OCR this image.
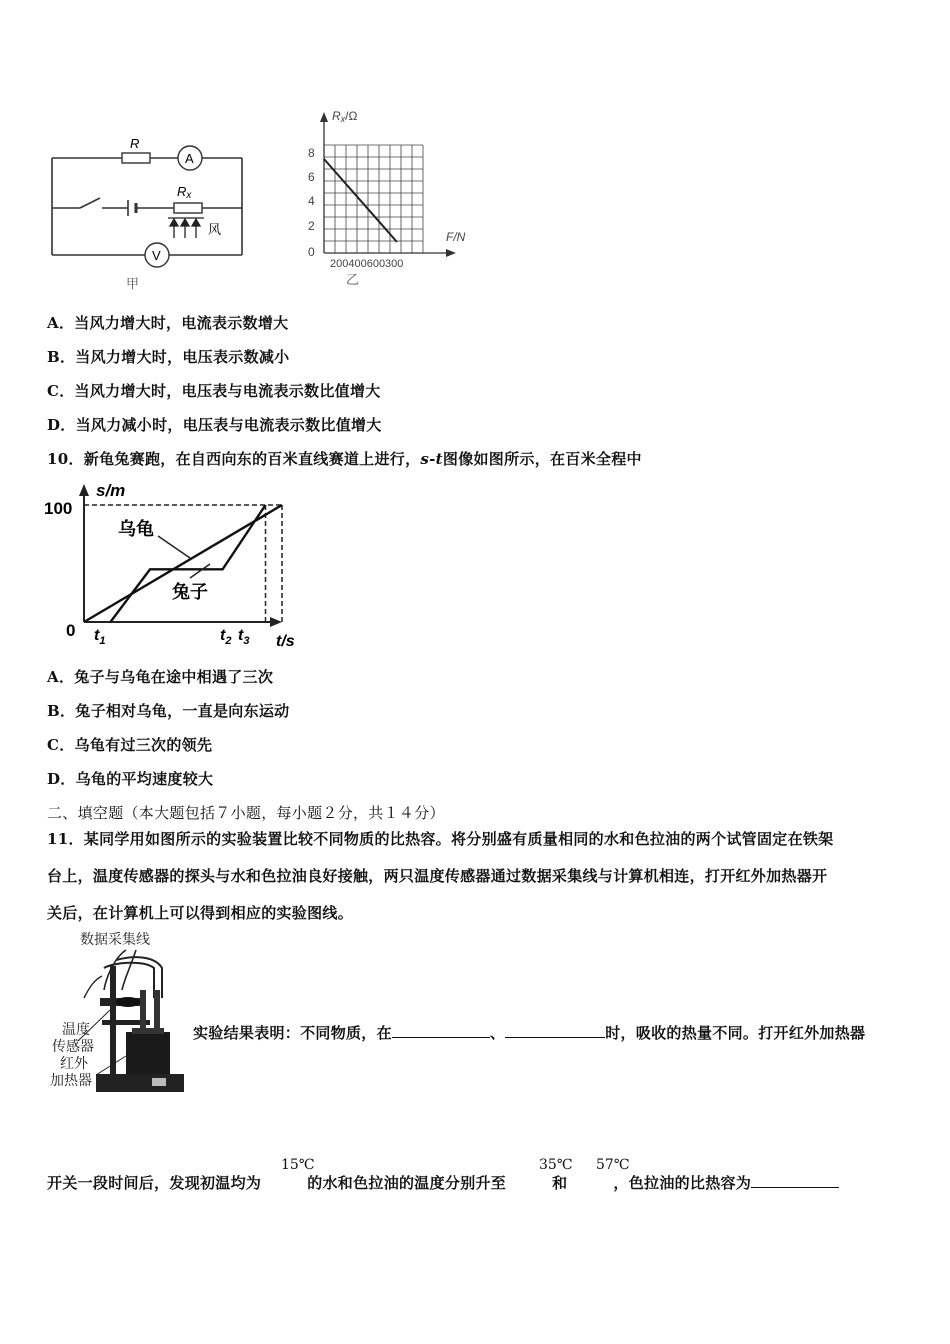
R
A
Rx
风
V
甲
Rx/Ω
8
6
4
2
0
200400600300
F/N
乙
A．当风力增大时，电流表示数增大
B．当风力增大时，电压表示数减小
C．当风力增大时，电压表与电流表示数比值增大
D．当风力减小时，电压表与电流表示数比值增大
10．新龟兔赛跑，在自西向东的百米直线赛道上进行，s-t图像如图所示，在百米全程中
s/m
100
0
乌龟
兔子
$t_1$	$t_2$ $t_3$ t/s
A．兔子与乌龟在途中相遇了三次
B．兔子相对乌龟，一直是向东运动
C．乌龟有过三次的领先
D．乌龟的平均速度较大
二、填空题（本大题包括７小题，每小题２分，共１４分）
11．某同学用如图所示的实验装置比较不同物质的比热容。将分别盛有质量相同的水和色拉油的两个试管固定在铁架
台上，温度传感器的探头与水和色拉油良好接触，两只温度传感器通过数据采集线与计算机相连，打开红外加热器开
关后，在计算机上可以得到相应的实验图线。
数据采集线
温度
传感器
红外
加热器
实验结果表明：不同物质，在	、	时，吸收的热量不同。打开红外加热器
开关一段时间后，发现初温均为	的水和色拉油的温度分别升至	和	，色拉油的比热容为
15℃	35℃ 57℃
